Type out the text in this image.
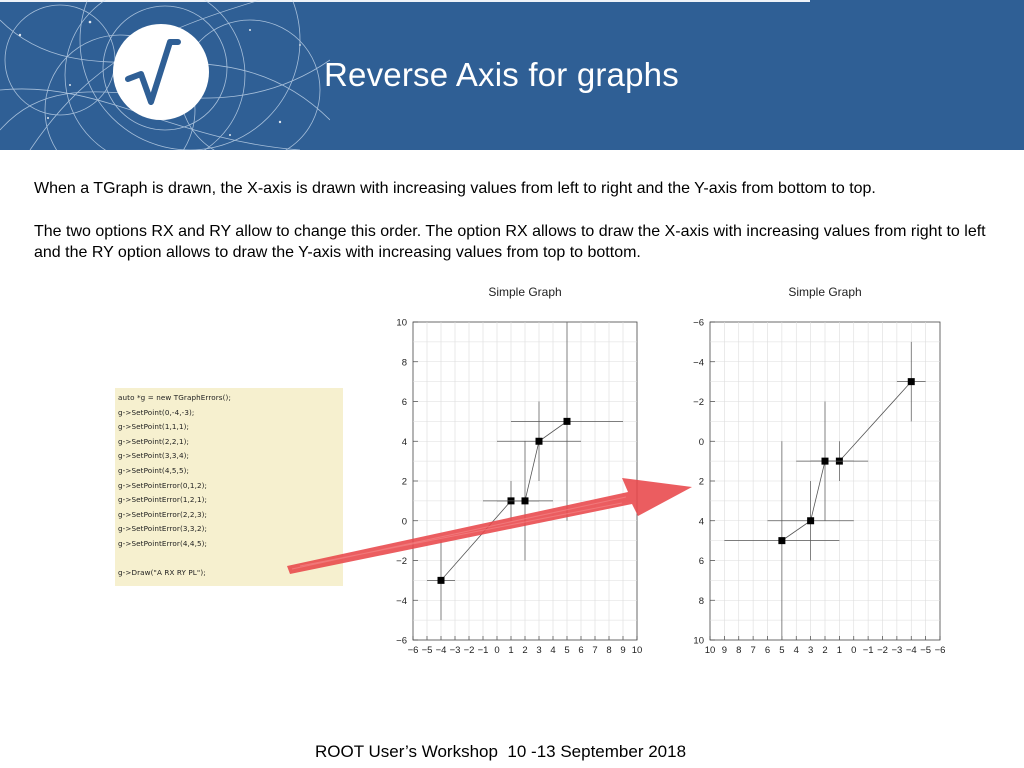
Reverse Axis for graphs

When a TGraph is drawn, the X-axis is drawn with increasing values from left to right and the Y-axis from bottom to top.

The two options RX and RY allow to change this order. The option RX allows to draw the X-axis with increasing values from right to left and the RY option allows to draw the Y-axis with increasing values from top to bottom.

Simple Graph
−6 −5 −4 −3 −2 −1 0 1 2 3 4 5 6 7 8 9 10
−6
−4
−2
0
2
4
6
8
10
Simple Graph
10 9 8 7 6 5 4 3 2 1 0 −1 −2 −3 −4 −5 −6
−6
−4
−2
0
2
4
6
8
10
auto *g = new TGraphErrors();
g->SetPoint(0,-4,-3);
g->SetPoint(1,1,1);
g->SetPoint(2,2,1);
g->SetPoint(3,3,4);
g->SetPoint(4,5,5);
g->SetPointError(0,1,2);
g->SetPointError(1,2,1);
g->SetPointError(2,2,3);
g->SetPointError(3,3,2);
g->SetPointError(4,4,5);
g->Draw("A RX RY PL");

ROOT User’s Workshop  10 -13 September 2018
